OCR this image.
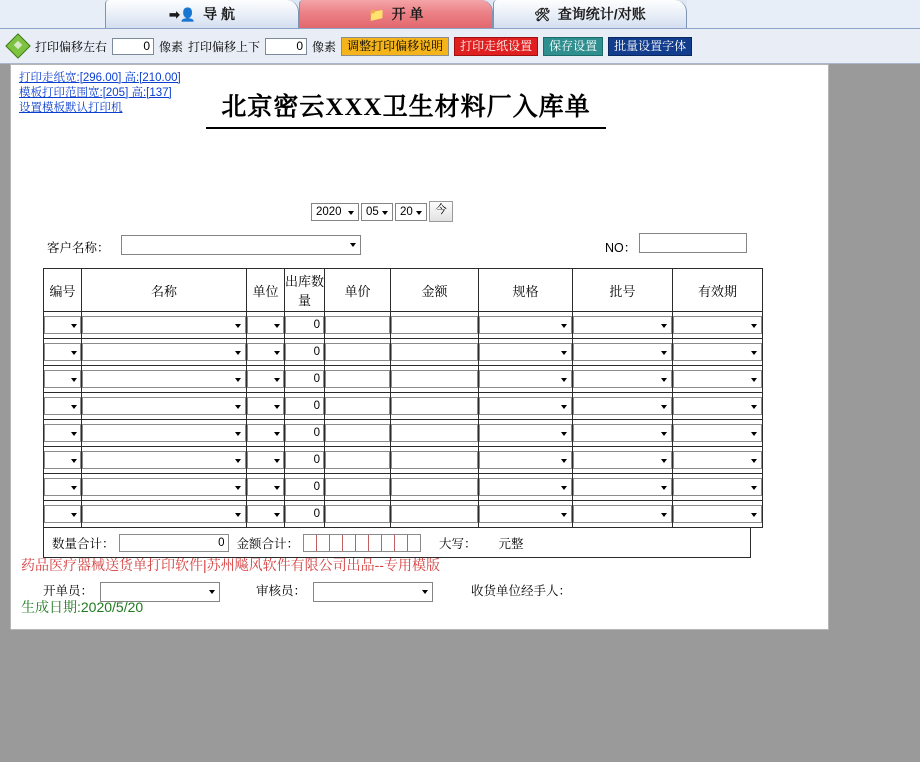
➡👤 导 航	📁 开 单	🛠 查询统计/对账
打印偏移左右	0 像素 打印偏移上下	0 像素 调整打印偏移说明	打印走纸设置	保存设置	批量设置字体
打印走纸宽:[296.00] 高:[210.00]
模板打印范围宽:[205] 高:[137]
设置模板默认打印机	北京密云XXX卫生材料厂入库单
2020	05	20	今
客户名称：	NO：
编号	名称	单位	出库数量	单价	金额	规格	批号	有效期

			0					

			0					

			0					

			0					

			0					

			0					

			0					

			0					

数量合计：	0 金额合计：	大写： 元整
药品医疗器械送货单打印软件|苏州飚风软件有限公司出品--专用模版
开单员：	审核员：	收货单位经手人：
生成日期:2020/5/20
